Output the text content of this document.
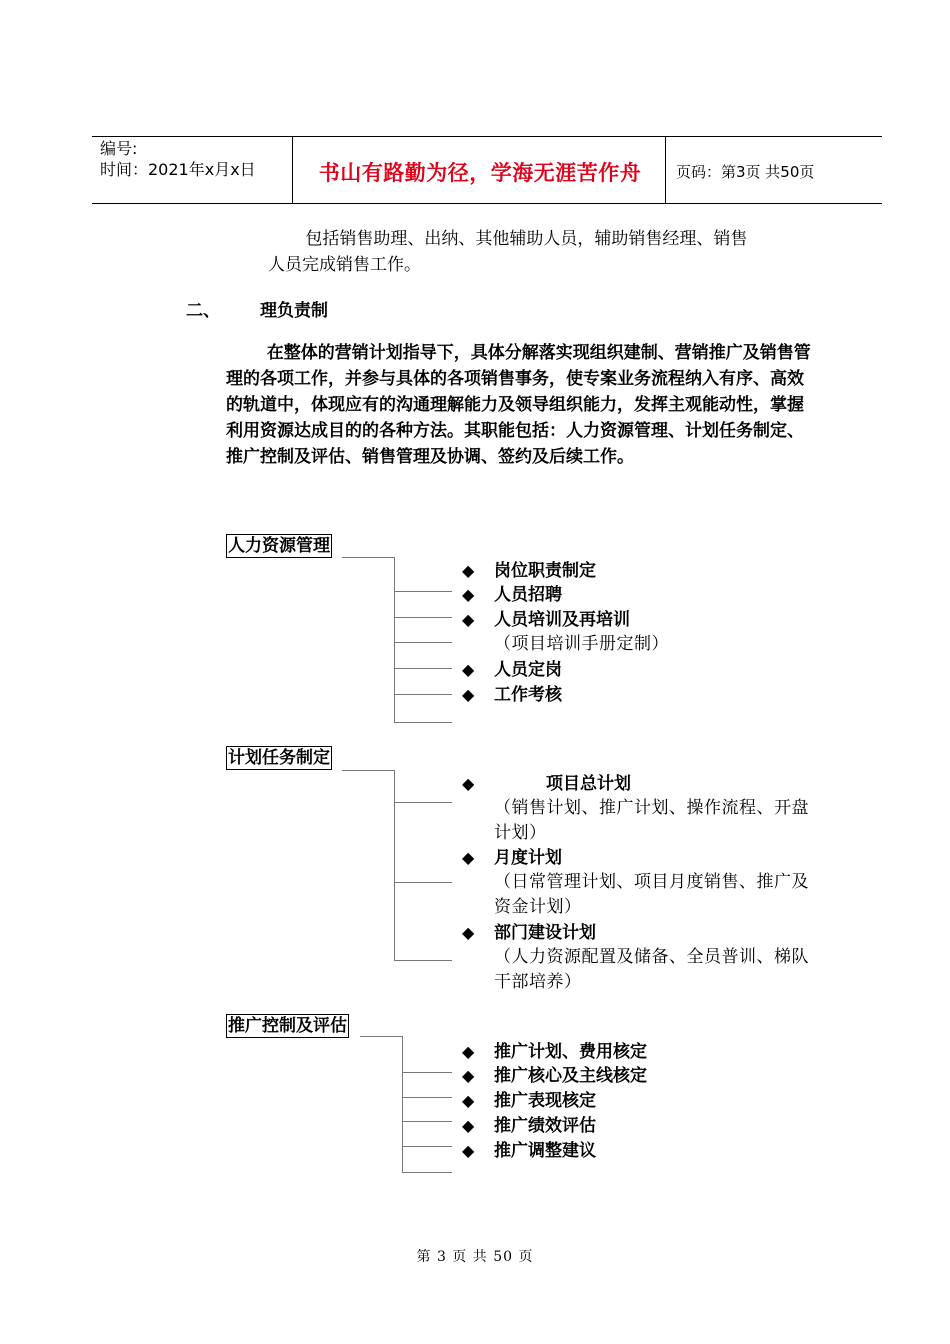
编号:
时间：2021年x月x日	书山有路勤为径，学海无涯苦作舟	页码：第3页 共50页
包括销售助理、出纳、其他辅助人员，辅助销售经理、销售
人员完成销售工作。
二、 理负责制
在整体的营销计划指导下，具体分解落实现组织建制、营销推广及销售管理的各项工作，并参与具体的各项销售事务，使专案业务流程纳入有序、高效的轨道中，体现应有的沟通理解能力及领导组织能力，发挥主观能动性，掌握利用资源达成目的的各种方法。其职能包括：人力资源管理、计划任务制定、推广控制及评估、销售管理及协调、签约及后续工作。
人力资源管理
◆ 岗位职责制定
◆ 人员招聘
◆ 人员培训及再培训
（项目培训手册定制）
◆ 人员定岗
◆ 工作考核
计划任务制定
◆	项目总计划
（销售计划、推广计划、操作流程、开盘计划）
◆ 月度计划
（日常管理计划、项目月度销售、推广及资金计划）
◆ 部门建设计划
（人力资源配置及储备、全员普训、梯队干部培养）
推广控制及评估
◆ 推广计划、费用核定
◆ 推广核心及主线核定
◆ 推广表现核定
◆ 推广绩效评估
◆ 推广调整建议
第 3 页 共 50 页
